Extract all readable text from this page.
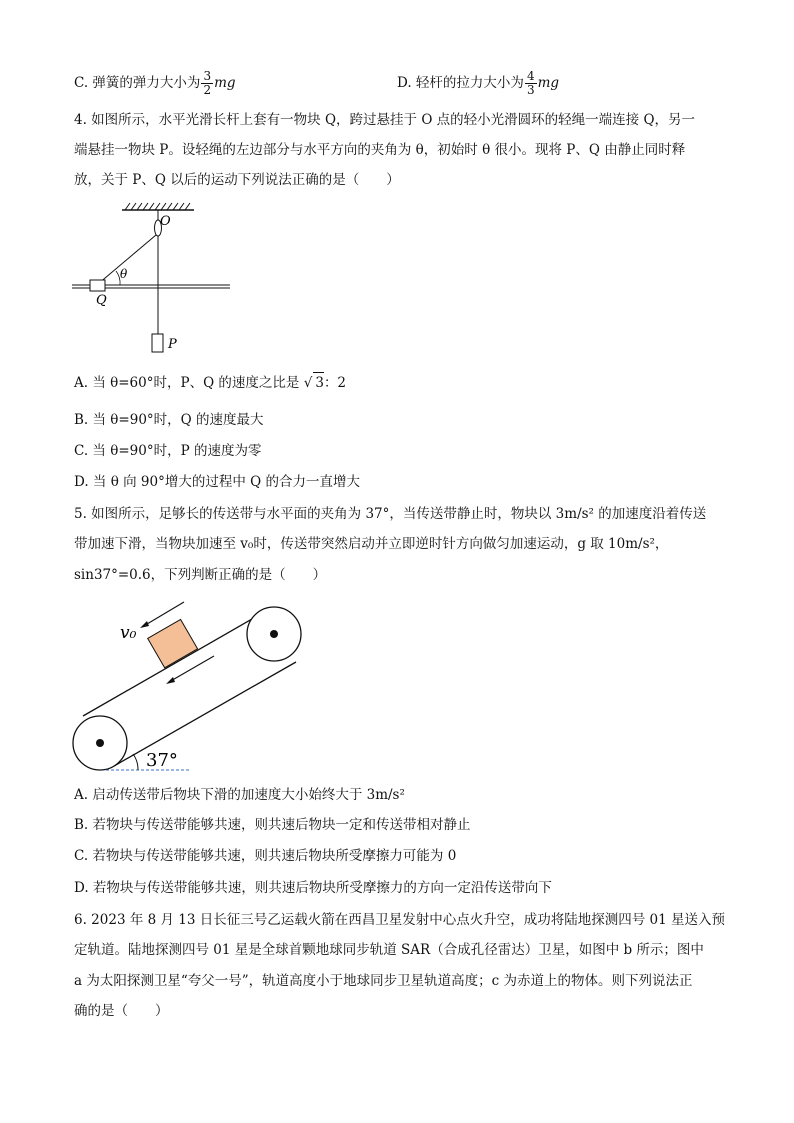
C. 弹簧的弹力大小为 $\frac{3}{2}$ mg	D. 轻杆的拉力大小为 $\frac{4}{3}$ mg
4. 如图所示，水平光滑长杆上套有一物块 Q，跨过悬挂于 O 点的轻小光滑圆环的轻绳一端连接 Q，另一
端悬挂一物块 P。设轻绳的左边部分与水平方向的夹角为 θ，初始时 θ 很小。现将 P、Q 由静止同时释
放，关于 P、Q 以后的运动下列说法正确的是（　　）
O
Q
θ
P
A. 当 θ=60°时，P、Q 的速度之比是 √ 3：2
B. 当 θ=90°时，Q 的速度最大
C. 当 θ=90°时，P 的速度为零
D. 当 θ 向 90°增大的过程中 Q 的合力一直增大
5. 如图所示，足够长的传送带与水平面的夹角为 37°，当传送带静止时，物块以 3m/s² 的加速度沿着传送
带加速下滑，当物块加速至 v₀时，传送带突然启动并立即逆时针方向做匀加速运动，g 取 10m/s²，
sin37°=0.6，下列判断正确的是（　　）
v₀
37°
A. 启动传送带后物块下滑的加速度大小始终大于 3m/s²
B. 若物块与传送带能够共速，则共速后物块一定和传送带相对静止
C. 若物块与传送带能够共速，则共速后物块所受摩擦力可能为 0
D. 若物块与传送带能够共速，则共速后物块所受摩擦力的方向一定沿传送带向下
6. 2023 年 8 月 13 日长征三号乙运载火箭在西昌卫星发射中心点火升空，成功将陆地探测四号 01 星送入预
定轨道。陆地探测四号 01 星是全球首颗地球同步轨道 SAR（合成孔径雷达）卫星，如图中 b 所示；图中
a 为太阳探测卫星“夸父一号”，轨道高度小于地球同步卫星轨道高度；c 为赤道上的物体。则下列说法正
确的是（　　）
